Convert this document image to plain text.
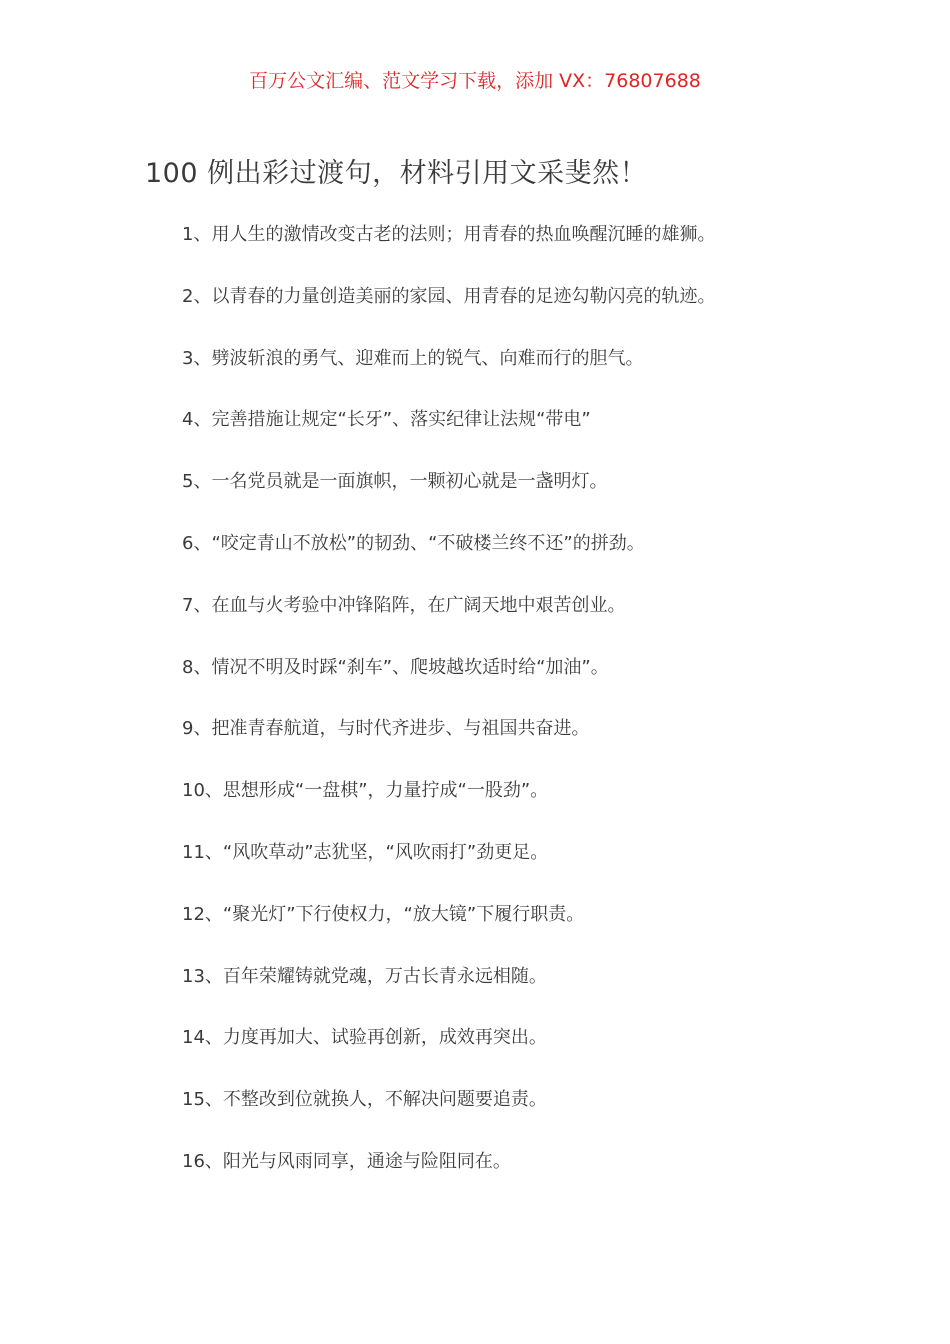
百万公文汇编、范文学习下载，添加 VX：76807688
100 例出彩过渡句，材料引用文采斐然！
1、用人生的激情改变古老的法则；用青春的热血唤醒沉睡的雄狮。
2、以青春的力量创造美丽的家园、用青春的足迹勾勒闪亮的轨迹。
3、劈波斩浪的勇气、迎难而上的锐气、向难而行的胆气。
4、完善措施让规定“长牙”、落实纪律让法规“带电”
5、一名党员就是一面旗帜，一颗初心就是一盏明灯。
6、“咬定青山不放松”的韧劲、“不破楼兰终不还”的拼劲。
7、在血与火考验中冲锋陷阵，在广阔天地中艰苦创业。
8、情况不明及时踩“刹车”、爬坡越坎适时给“加油”。
9、把准青春航道，与时代齐进步、与祖国共奋进。
10、思想形成“一盘棋”，力量拧成“一股劲”。
11、“风吹草动”志犹坚，“风吹雨打”劲更足。
12、“聚光灯”下行使权力，“放大镜”下履行职责。
13、百年荣耀铸就党魂，万古长青永远相随。
14、力度再加大、试验再创新，成效再突出。
15、不整改到位就换人，不解决问题要追责。
16、阳光与风雨同享，通途与险阻同在。
